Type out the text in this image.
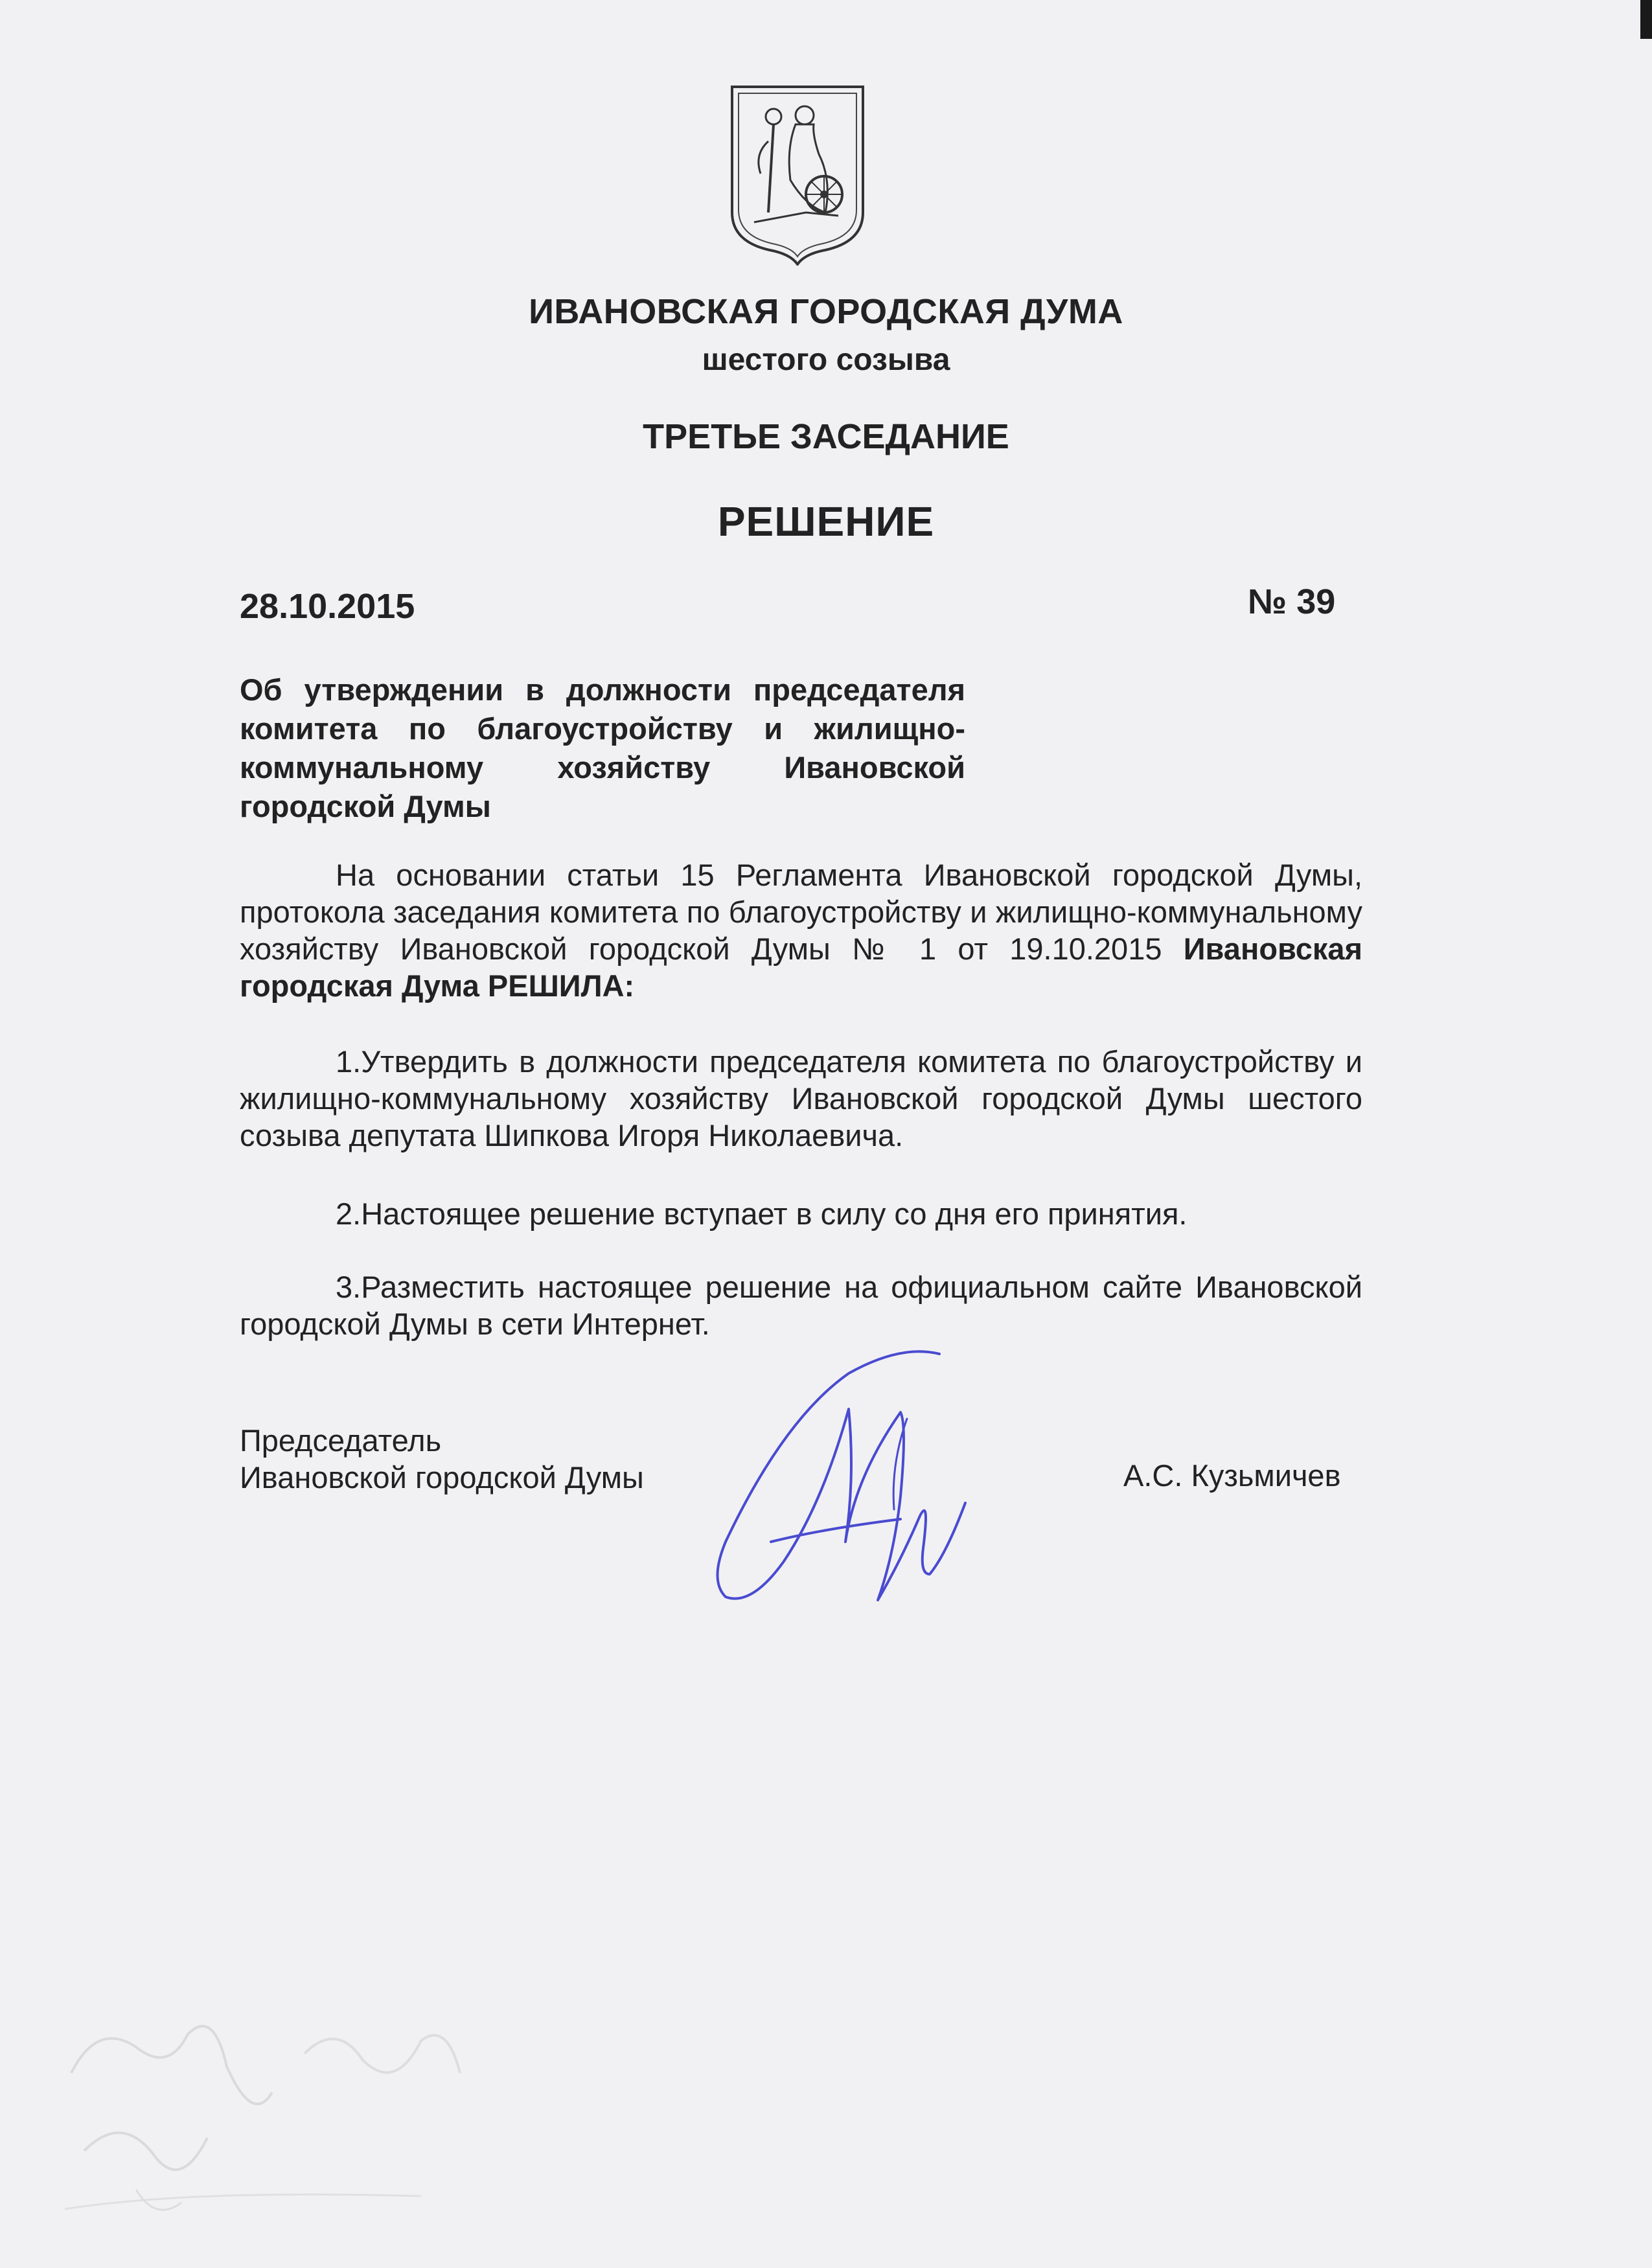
ИВАНОВСКАЯ ГОРОДСКАЯ ДУМА

шестого созыва

ТРЕТЬЕ ЗАСЕДАНИЕ

РЕШЕНИЕ

28.10.2015	№ 39
Об утверждении в должности председателя комитета по благоустройству и жилищно-коммунальному хозяйству Ивановской городской Думы

На основании статьи 15 Регламента Ивановской городской Думы, протокола заседания комитета по благоустройству и жилищно-коммунальному хозяйству Ивановской городской Думы № 1 от 19.10.2015 Ивановская городская Дума РЕШИЛА:

1.Утвердить в должности председателя комитета по благоустройству и жилищно-коммунальному хозяйству Ивановской городской Думы шестого созыва депутата Шипкова Игоря Николаевича.

2.Настоящее решение вступает в силу со дня его принятия.

3.Разместить настоящее решение на официальном сайте Ивановской городской Думы в сети Интернет.

Председатель
Ивановской городской Думы	А.С. Кузьмичев
